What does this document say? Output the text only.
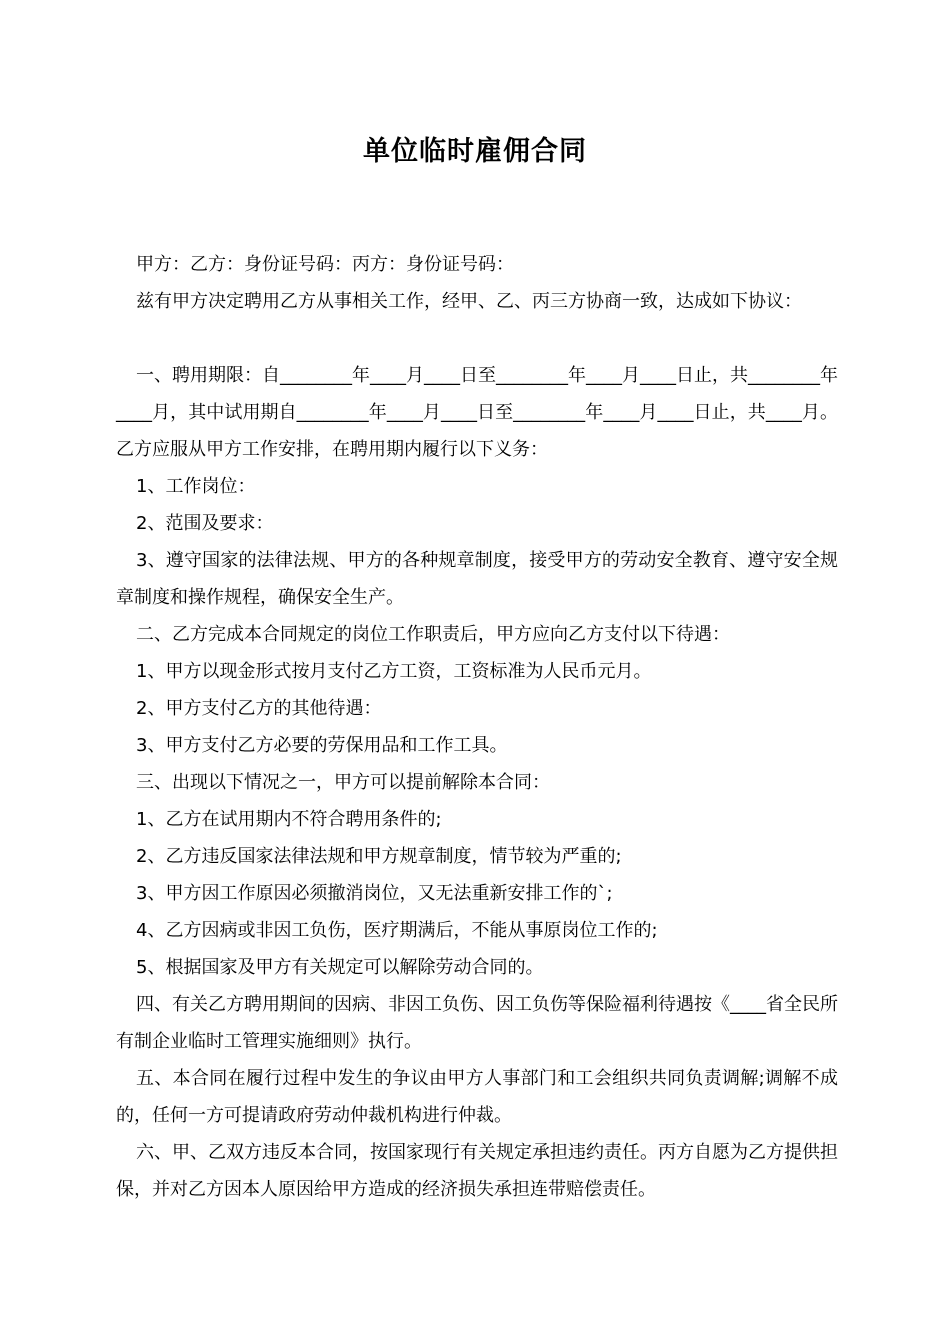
单位临时雇佣合同

甲方：乙方：身份证号码：丙方：身份证号码：

兹有甲方决定聘用乙方从事相关工作，经甲、乙、丙三方协商一致，达成如下协议：

一、聘用期限：自________年____月____日至________年____月____日止，共________年____月，其中试用期自________年____月____日至________年____月____日止，共____月。乙方应服从甲方工作安排，在聘用期内履行以下义务：

1、工作岗位：

2、范围及要求：

3、遵守国家的法律法规、甲方的各种规章制度，接受甲方的劳动安全教育、遵守安全规章制度和操作规程，确保安全生产。

二、乙方完成本合同规定的岗位工作职责后，甲方应向乙方支付以下待遇：

1、甲方以现金形式按月支付乙方工资，工资标准为人民币元月。

2、甲方支付乙方的其他待遇：

3、甲方支付乙方必要的劳保用品和工作工具。

三、出现以下情况之一，甲方可以提前解除本合同：

1、乙方在试用期内不符合聘用条件的;

2、乙方违反国家法律法规和甲方规章制度，情节较为严重的;

3、甲方因工作原因必须撤消岗位，又无法重新安排工作的`;

4、乙方因病或非因工负伤，医疗期满后，不能从事原岗位工作的;

5、根据国家及甲方有关规定可以解除劳动合同的。

四、有关乙方聘用期间的因病、非因工负伤、因工负伤等保险福利待遇按《____省全民所有制企业临时工管理实施细则》执行。

五、本合同在履行过程中发生的争议由甲方人事部门和工会组织共同负责调解;调解不成的，任何一方可提请政府劳动仲裁机构进行仲裁。

六、甲、乙双方违反本合同，按国家现行有关规定承担违约责任。丙方自愿为乙方提供担保，并对乙方因本人原因给甲方造成的经济损失承担连带赔偿责任。
